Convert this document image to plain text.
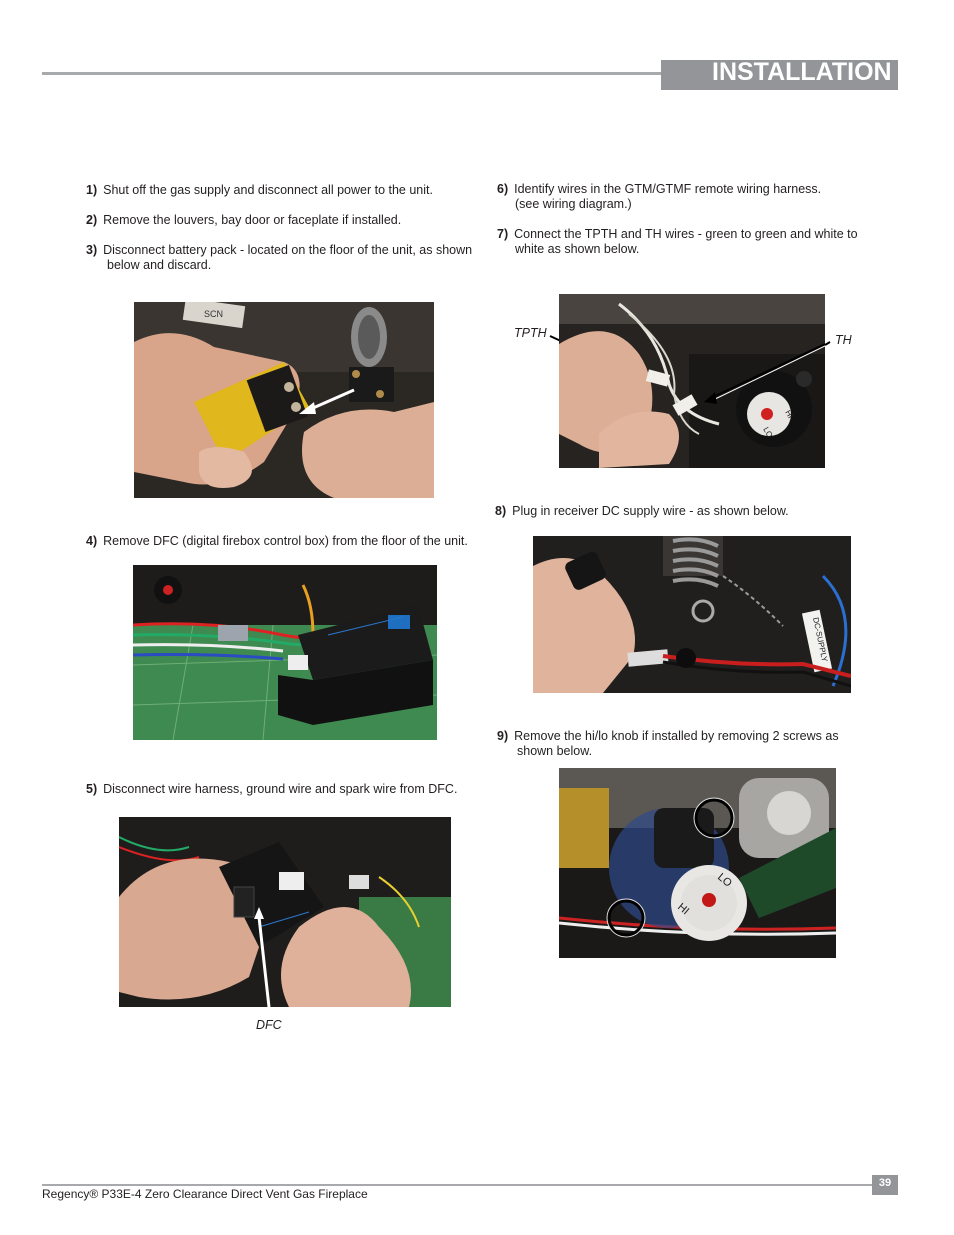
INSTALLATION
1) Shut off the gas supply and disconnect all power to the unit.
2) Remove the louvers, bay door or faceplate if installed.
3) Disconnect battery pack - located on the floor of the unit, as shown
below and discard.
SCN
4) Remove DFC (digital firebox control box) from the floor of the unit.
5) Disconnect wire harness, ground wire and spark wire from DFC.
DFC
6) Identify wires in the GTM/GTMF remote wiring harness.
(see wiring diagram.)
7) Connect the TPTH and TH wires - green to green and white to
white as shown below.
TPTH	TH
LO
HI
8) Plug in receiver DC supply wire - as shown below.
DC-SUPPLY
9) Remove the hi/lo knob if installed by removing 2 screws as
shown below.
LO
HI
39
Regency® P33E-4 Zero Clearance Direct Vent Gas Fireplace
